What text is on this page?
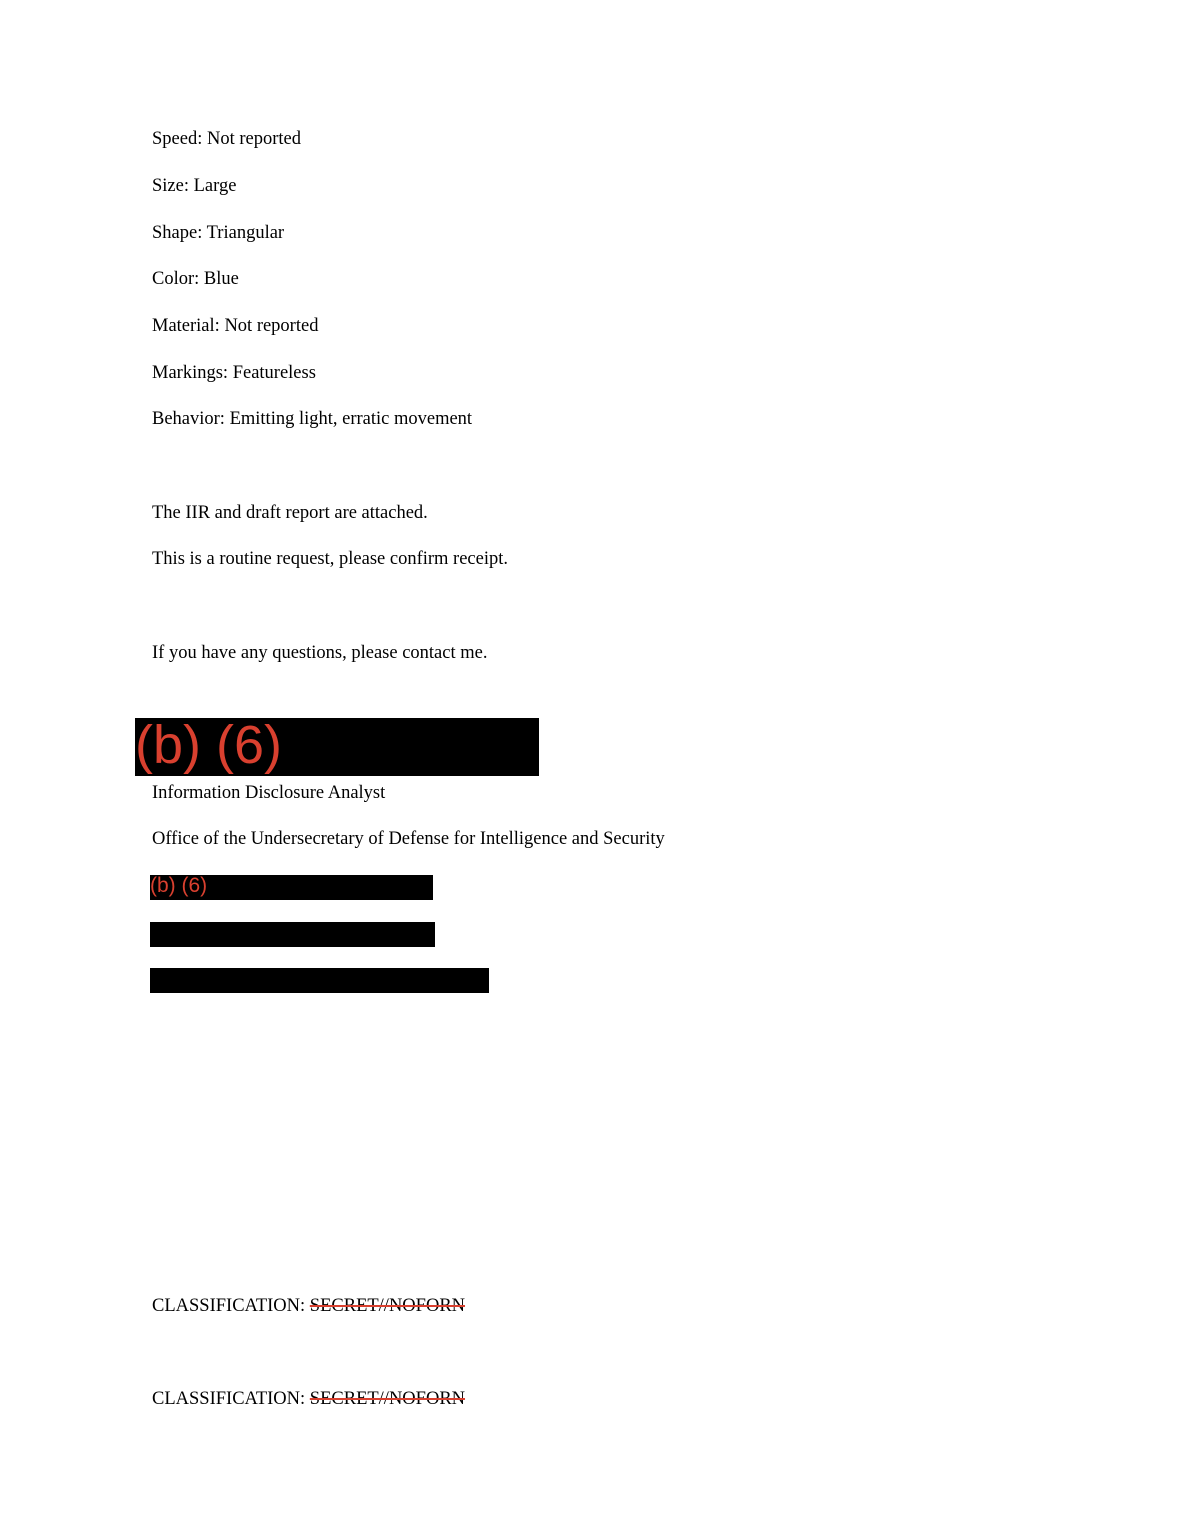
Speed: Not reported
Size: Large
Shape: Triangular
Color: Blue
Material: Not reported
Markings: Featureless
Behavior: Emitting light, erratic movement
The IIR and draft report are attached.
This is a routine request, please confirm receipt.
If you have any questions, please contact me.
(b) (6)
Information Disclosure Analyst
Office of the Undersecretary of Defense for Intelligence and Security
(b) (6)
CLASSIFICATION: SECRET//NOFORN
CLASSIFICATION: SECRET//NOFORN
